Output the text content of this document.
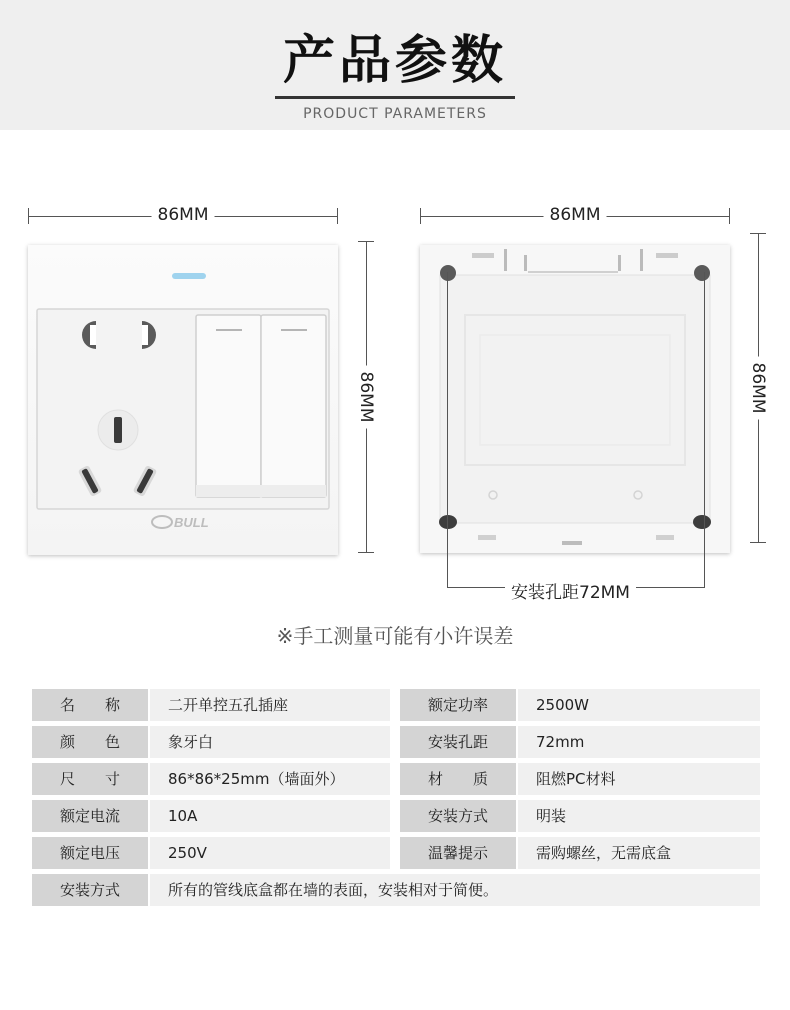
产品参数
PRODUCT PARAMETERS
86MM
86MM
BULL
86MM
86MM
安装孔距72MM
※手工测量可能有小许误差
名　　称	二开单控五孔插座	额定功率	2500W
颜　　色	象牙白	安装孔距	72mm
尺　　寸	86*86*25mm（墙面外）	材　　质	阻燃PC材料
额定电流	10A	安装方式	明装
额定电压	250V	温馨提示	需购螺丝，无需底盒
安装方式	所有的管线底盒都在墙的表面，安装相对于简便。
